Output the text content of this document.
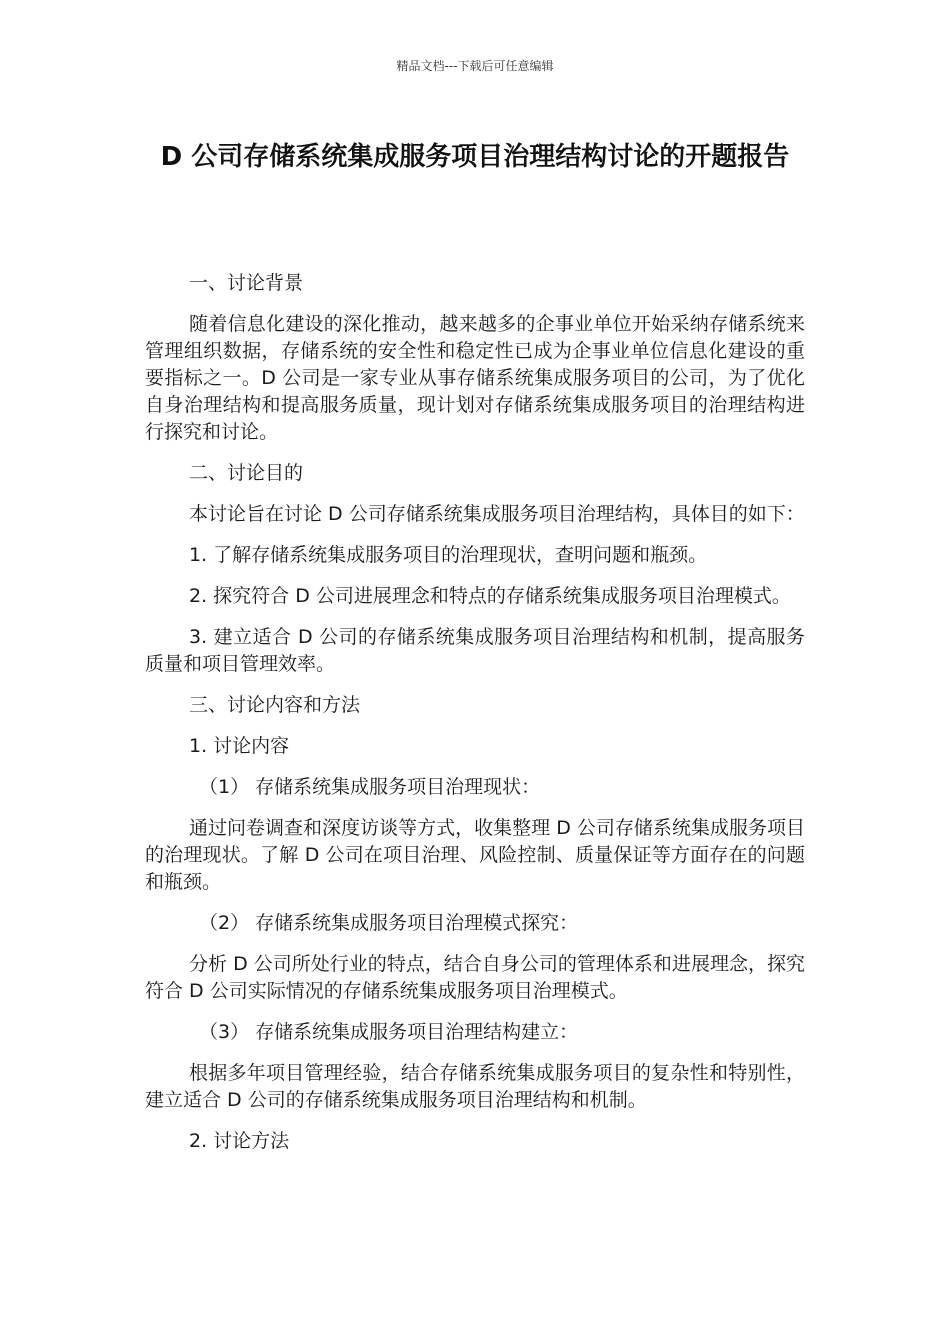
精品文档---下载后可任意编辑
D 公司存储系统集成服务项目治理结构讨论的开题报告

一、讨论背景

随着信息化建设的深化推动，越来越多的企事业单位开始采纳存储系统来管理组织数据，存储系统的安全性和稳定性已成为企事业单位信息化建设的重要指标之一。D 公司是一家专业从事存储系统集成服务项目的公司，为了优化自身治理结构和提高服务质量，现计划对存储系统集成服务项目的治理结构进行探究和讨论。

二、讨论目的

本讨论旨在讨论 D 公司存储系统集成服务项目治理结构，具体目的如下：

1. 了解存储系统集成服务项目的治理现状，查明问题和瓶颈。

2. 探究符合 D 公司进展理念和特点的存储系统集成服务项目治理模式。

3. 建立适合 D 公司的存储系统集成服务项目治理结构和机制，提高服务质量和项目管理效率。

三、讨论内容和方法

1. 讨论内容

（1） 存储系统集成服务项目治理现状：

通过问卷调查和深度访谈等方式，收集整理 D 公司存储系统集成服务项目的治理现状。了解 D 公司在项目治理、风险控制、质量保证等方面存在的问题和瓶颈。

（2） 存储系统集成服务项目治理模式探究：

分析 D 公司所处行业的特点，结合自身公司的管理体系和进展理念，探究符合 D 公司实际情况的存储系统集成服务项目治理模式。

（3） 存储系统集成服务项目治理结构建立：

根据多年项目管理经验，结合存储系统集成服务项目的复杂性和特别性，建立适合 D 公司的存储系统集成服务项目治理结构和机制。

2. 讨论方法
